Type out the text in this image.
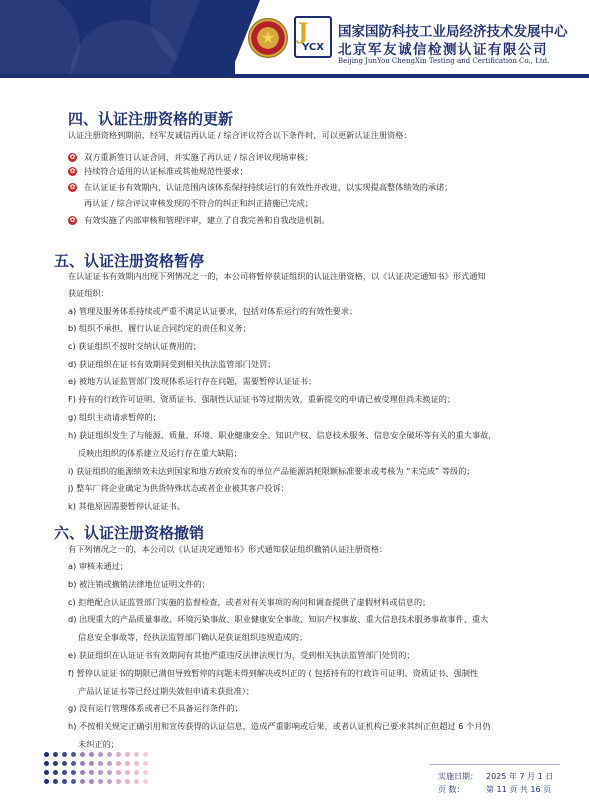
★	J
YCX
国家国防科技工业局经济技术发展中心
北京军友诚信检测认证有限公司
Beijing JunYou ChengXin Testing and Certification Co., Ltd.
四、认证注册资格的更新
认证注册资格到期前，经军友诚信再认证 / 综合评议符合以下条件时，可以更新认证注册资格：
✿ 双方重新签订认证合同，并实施了再认证 / 综合评议现场审核；
✿ 持续符合适用的认证标准或其他规范性要求；
✿ 在认证证书有效期内，认证范围内该体系保持持续运行的有效性并改进，以实现提高整体绩效的承诺；
再认证 / 综合评议审核发现的不符合的纠正和纠正措施已完成；
✿ 有效实施了内部审核和管理评审，建立了自我完善和自我改进机制。
五、认证注册资格暂停
在认证证书有效期内出现下列情况之一的，本公司将暂停获证组织的认证注册资格，以《认证决定通知书》形式通知
获证组织：
a) 管理及服务体系持续或严重不满足认证要求，包括对体系运行的有效性要求；
b) 组织不承担、履行认证合同约定的责任和义务；
c) 获证组织不按时交纳认证费用的；
d) 获证组织在证书有效期间受到相关执法监管部门处罚；
e) 被地方认证监管部门发现体系运行存在问题，需要暂停认证证书；
F) 持有的行政许可证明、资质证书、强制性认证证书等过期失效，重新提交的申请已被受理但尚未换证的；
g) 组织主动请求暂停的；
h) 获证组织发生了与能源、质量、环境、职业健康安全、知识产权、信息技术服务、信息安全破坏等有关的重大事故，
反映出组织的体系建立及运行存在重大缺陷；
i) 获证组织的能源绩效未达到国家和地方政府发布的单位产品能源消耗限额标准要求或考核为 “未完成” 等级的；
j) 整车厂将企业确定为供货特殊状态或者企业被其客户投诉；
k) 其他原因需要暂停认证证书。
六、认证注册资格撤销
有下列情况之一的，本公司以《认证决定通知书》形式通知获证组织撤销认证注册资格：
a) 审核未通过；
b) 被注销或撤销法律地位证明文件的；
c) 拒绝配合认证监管部门实施的监督检查，或者对有关事项的询问和调查提供了虚假材料或信息的；
d) 出现重大的产品质量事故、环境污染事故、职业健康安全事故、知识产权事故、重大信息技术服务事故事件、重大
信息安全事故等，经执法监管部门确认是获证组织违规造成的；
e) 获证组织在认证证书有效期间有其他严重违反法律法规行为，受到相关执法监管部门处罚的；
f) 暂停认证证书的期限已满但导致暂停的问题未得到解决或纠正的 ( 包括持有的行政许可证明、资质证书、强制性
产品认证证书等已经过期失效但申请未获批准）；
g) 没有运行管理体系或者已不具备运行条件的；
h) 不按相关规定正确引用和宣传获得的认证信息，造成严重影响或后果，或者认证机构已要求其纠正但超过 6 个月仍
未纠正的；
实施日期： 2025 年 7 月 1 日
页 数：	第 11 页 共 16 页
